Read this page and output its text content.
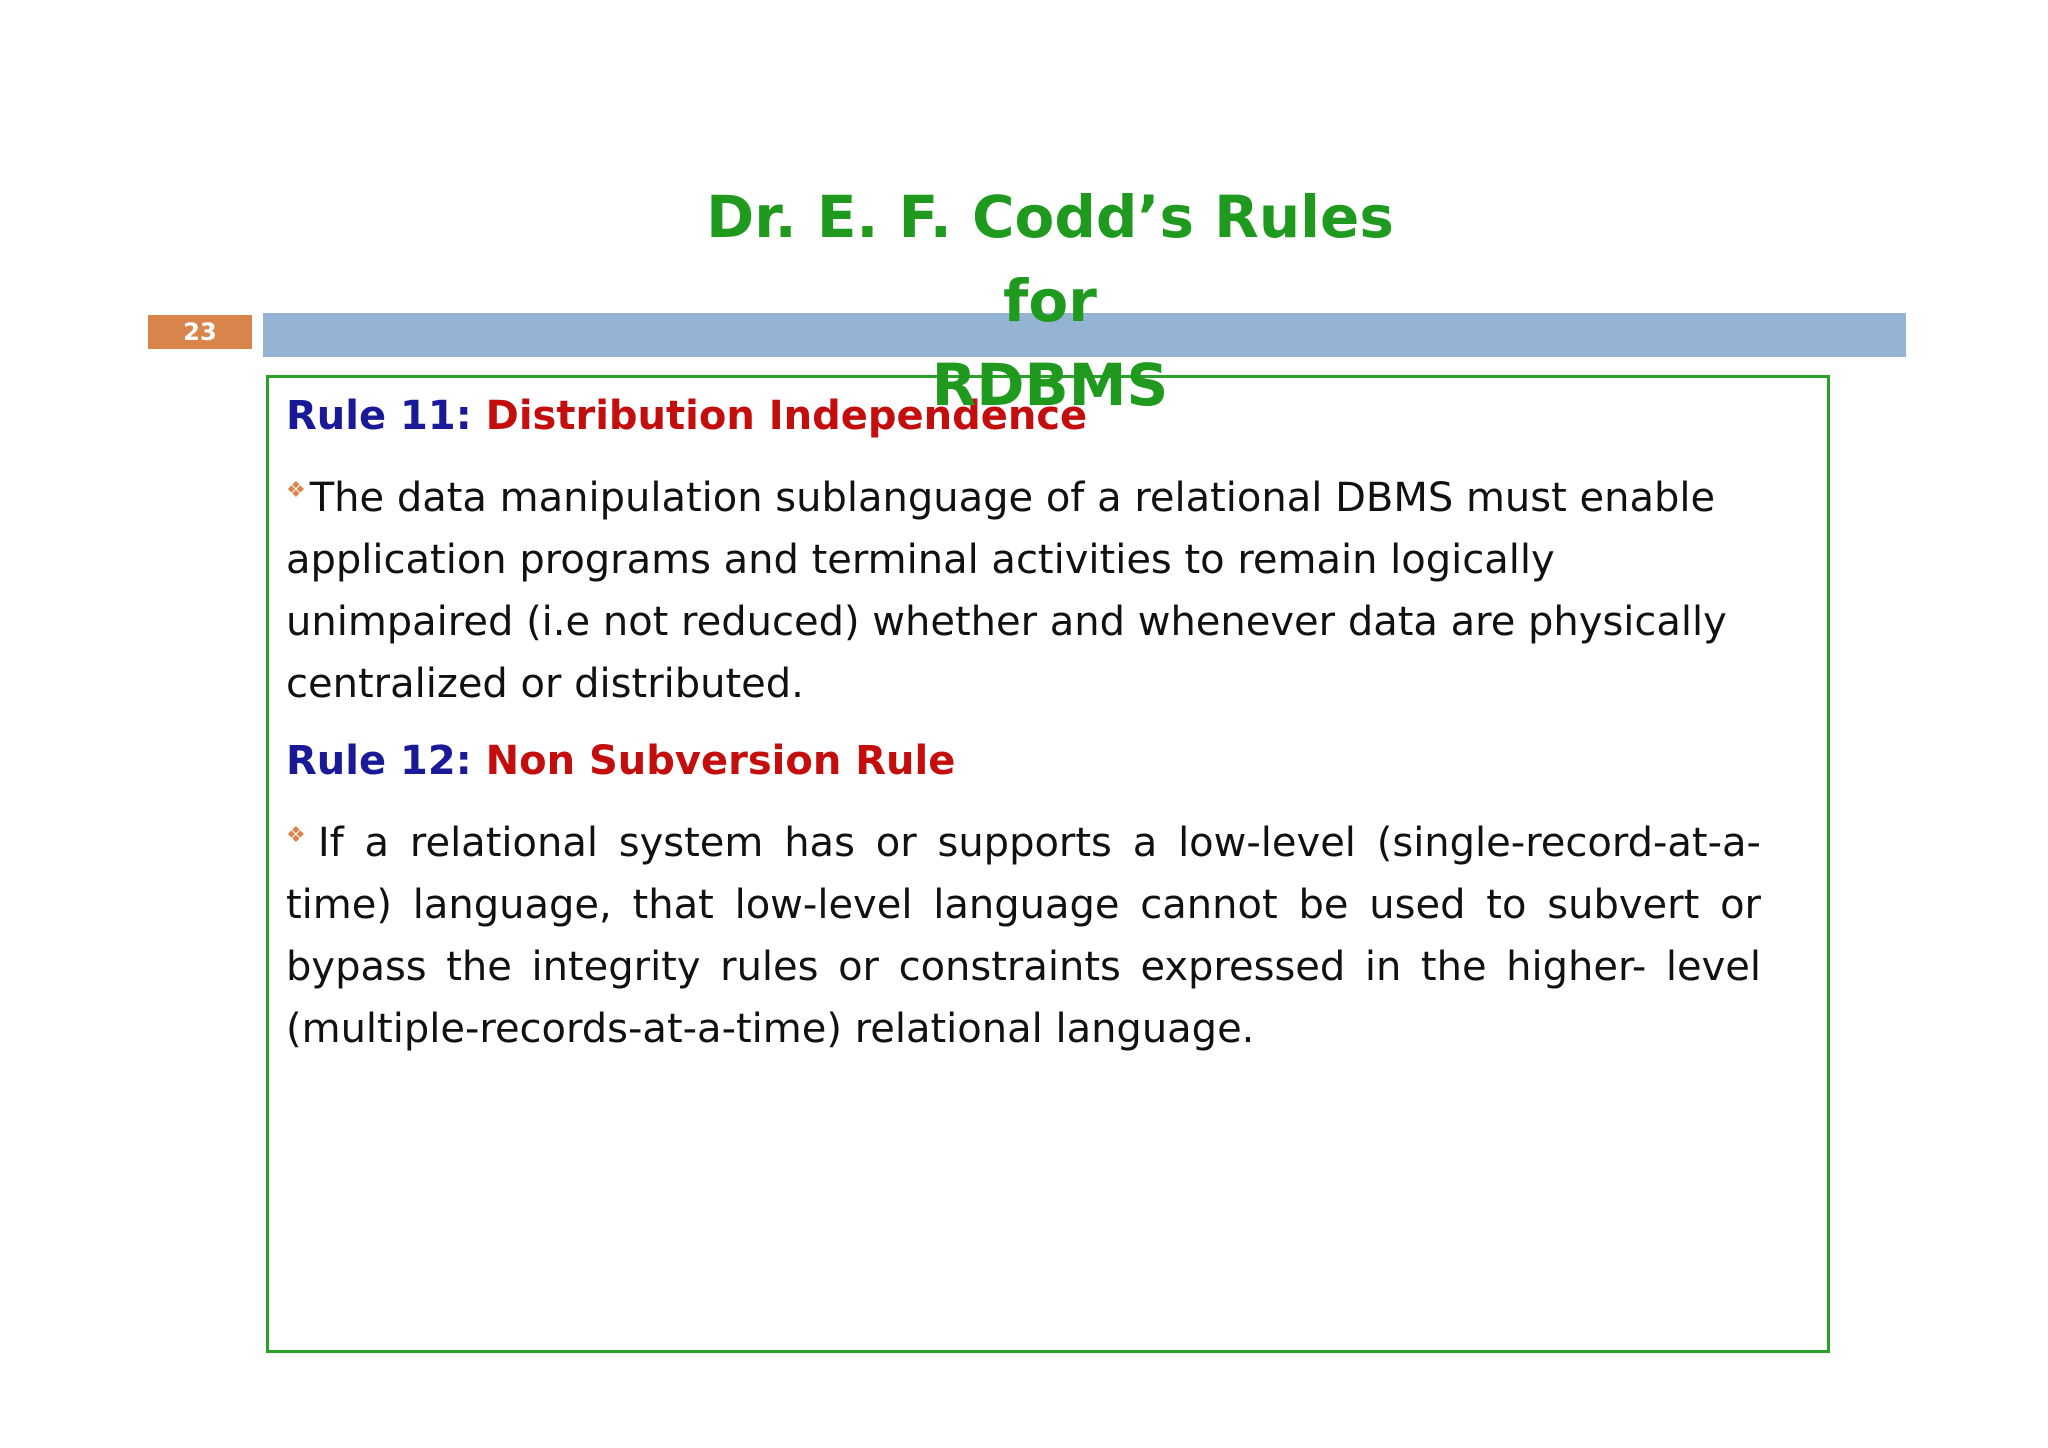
Dr. E. F. Codd’s Rules for
RDBMS
23

Rule 11: Distribution Independence

❖ The data manipulation sublanguage of a relational DBMS must enable
application programs and terminal activities to remain logically
unimpaired (i.e not reduced) whether and whenever data are physically
centralized or distributed.

Rule 12: Non Subversion Rule

❖ If a relational system has or supports a low-level (single-record-at-a-time) language, that low-level language cannot be used to subvert or bypass the integrity rules or constraints expressed in the higher- level (multiple-records-at-a-time) relational language.
